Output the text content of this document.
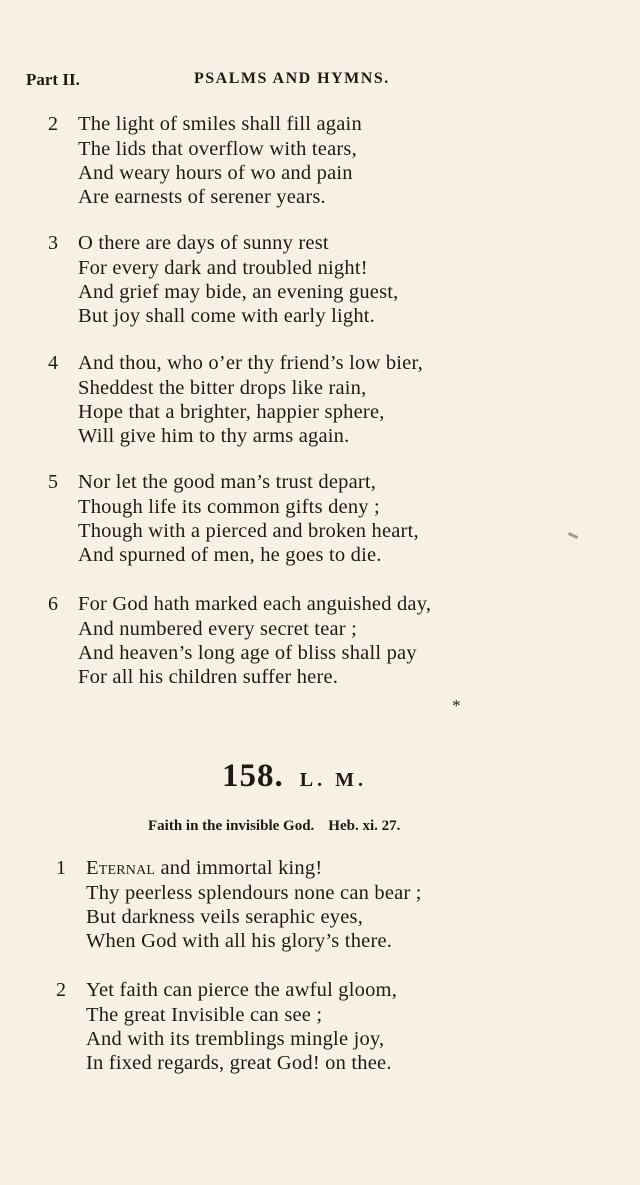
Part II.	PSALMS AND HYMNS.
2 The light of smiles shall fill again
The lids that overflow with tears,
And weary hours of wo and pain
Are earnests of serener years.
3 O there are days of sunny rest
For every dark and troubled night!
And grief may bide, an evening guest,
But joy shall come with early light.
4 And thou, who o’er thy friend’s low bier,
Sheddest the bitter drops like rain,
Hope that a brighter, happier sphere,
Will give him to thy arms again.
5 Nor let the good man’s trust depart,
Though life its common gifts deny ;
Though with a pierced and broken heart,
And spurned of men, he goes to die.
6 For God hath marked each anguished day,
And numbered every secret tear ;
And heaven’s long age of bliss shall pay
For all his children suffer here.
*
158. L. M.
Faith in the invisible God. Heb. xi. 27.
1 Eternal and immortal king!
Thy peerless splendours none can bear ;
But darkness veils seraphic eyes,
When God with all his glory’s there.
2 Yet faith can pierce the awful gloom,
The great Invisible can see ;
And with its tremblings mingle joy,
In fixed regards, great God! on thee.
